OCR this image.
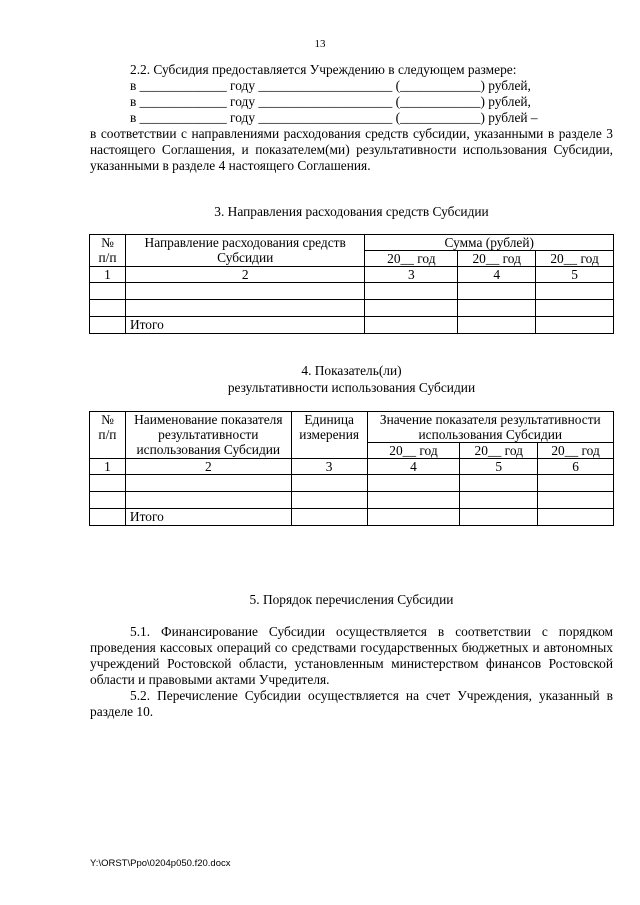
13
2.2. Субсидия предоставляется Учреждению в следующем размере:
в _____________ году ____________________ (____________) рублей,
в _____________ году ____________________ (____________) рублей,
в _____________ году ____________________ (____________) рублей –
в соответствии с направлениями расходования средств субсидии, указанными в разделе 3 настоящего Соглашения, и показателем(ми) результативности использования Субсидии, указанными в разделе 4 настоящего Соглашения.
3. Направления расходования средств Субсидии
№ п/п	Направление расходования средств Субсидии	Сумма (рублей)		
		20__ год	20__ год	20__ год
1	2	3	4	5

	Итого			
4. Показатель(ли)
результативности использования Субсидии
№ п/п	Наименование показателя результативности использования Субсидии	Единица измерения	Значение показателя результативности использования Субсидии		
			20__ год	20__ год	20__ год
1	2	3	4	5	6

	Итого				
5. Порядок перечисления Субсидии
5.1. Финансирование Субсидии осуществляется в соответствии с порядком проведения кассовых операций со средствами государственных бюджетных и автономных учреждений Ростовской области, установленным министерством финансов Ростовской области и правовыми актами Учредителя.
5.2. Перечисление Субсидии осуществляется на счет Учреждения, указанный в разделе 10.
Y:\ORST\Ppo\0204p050.f20.docx
